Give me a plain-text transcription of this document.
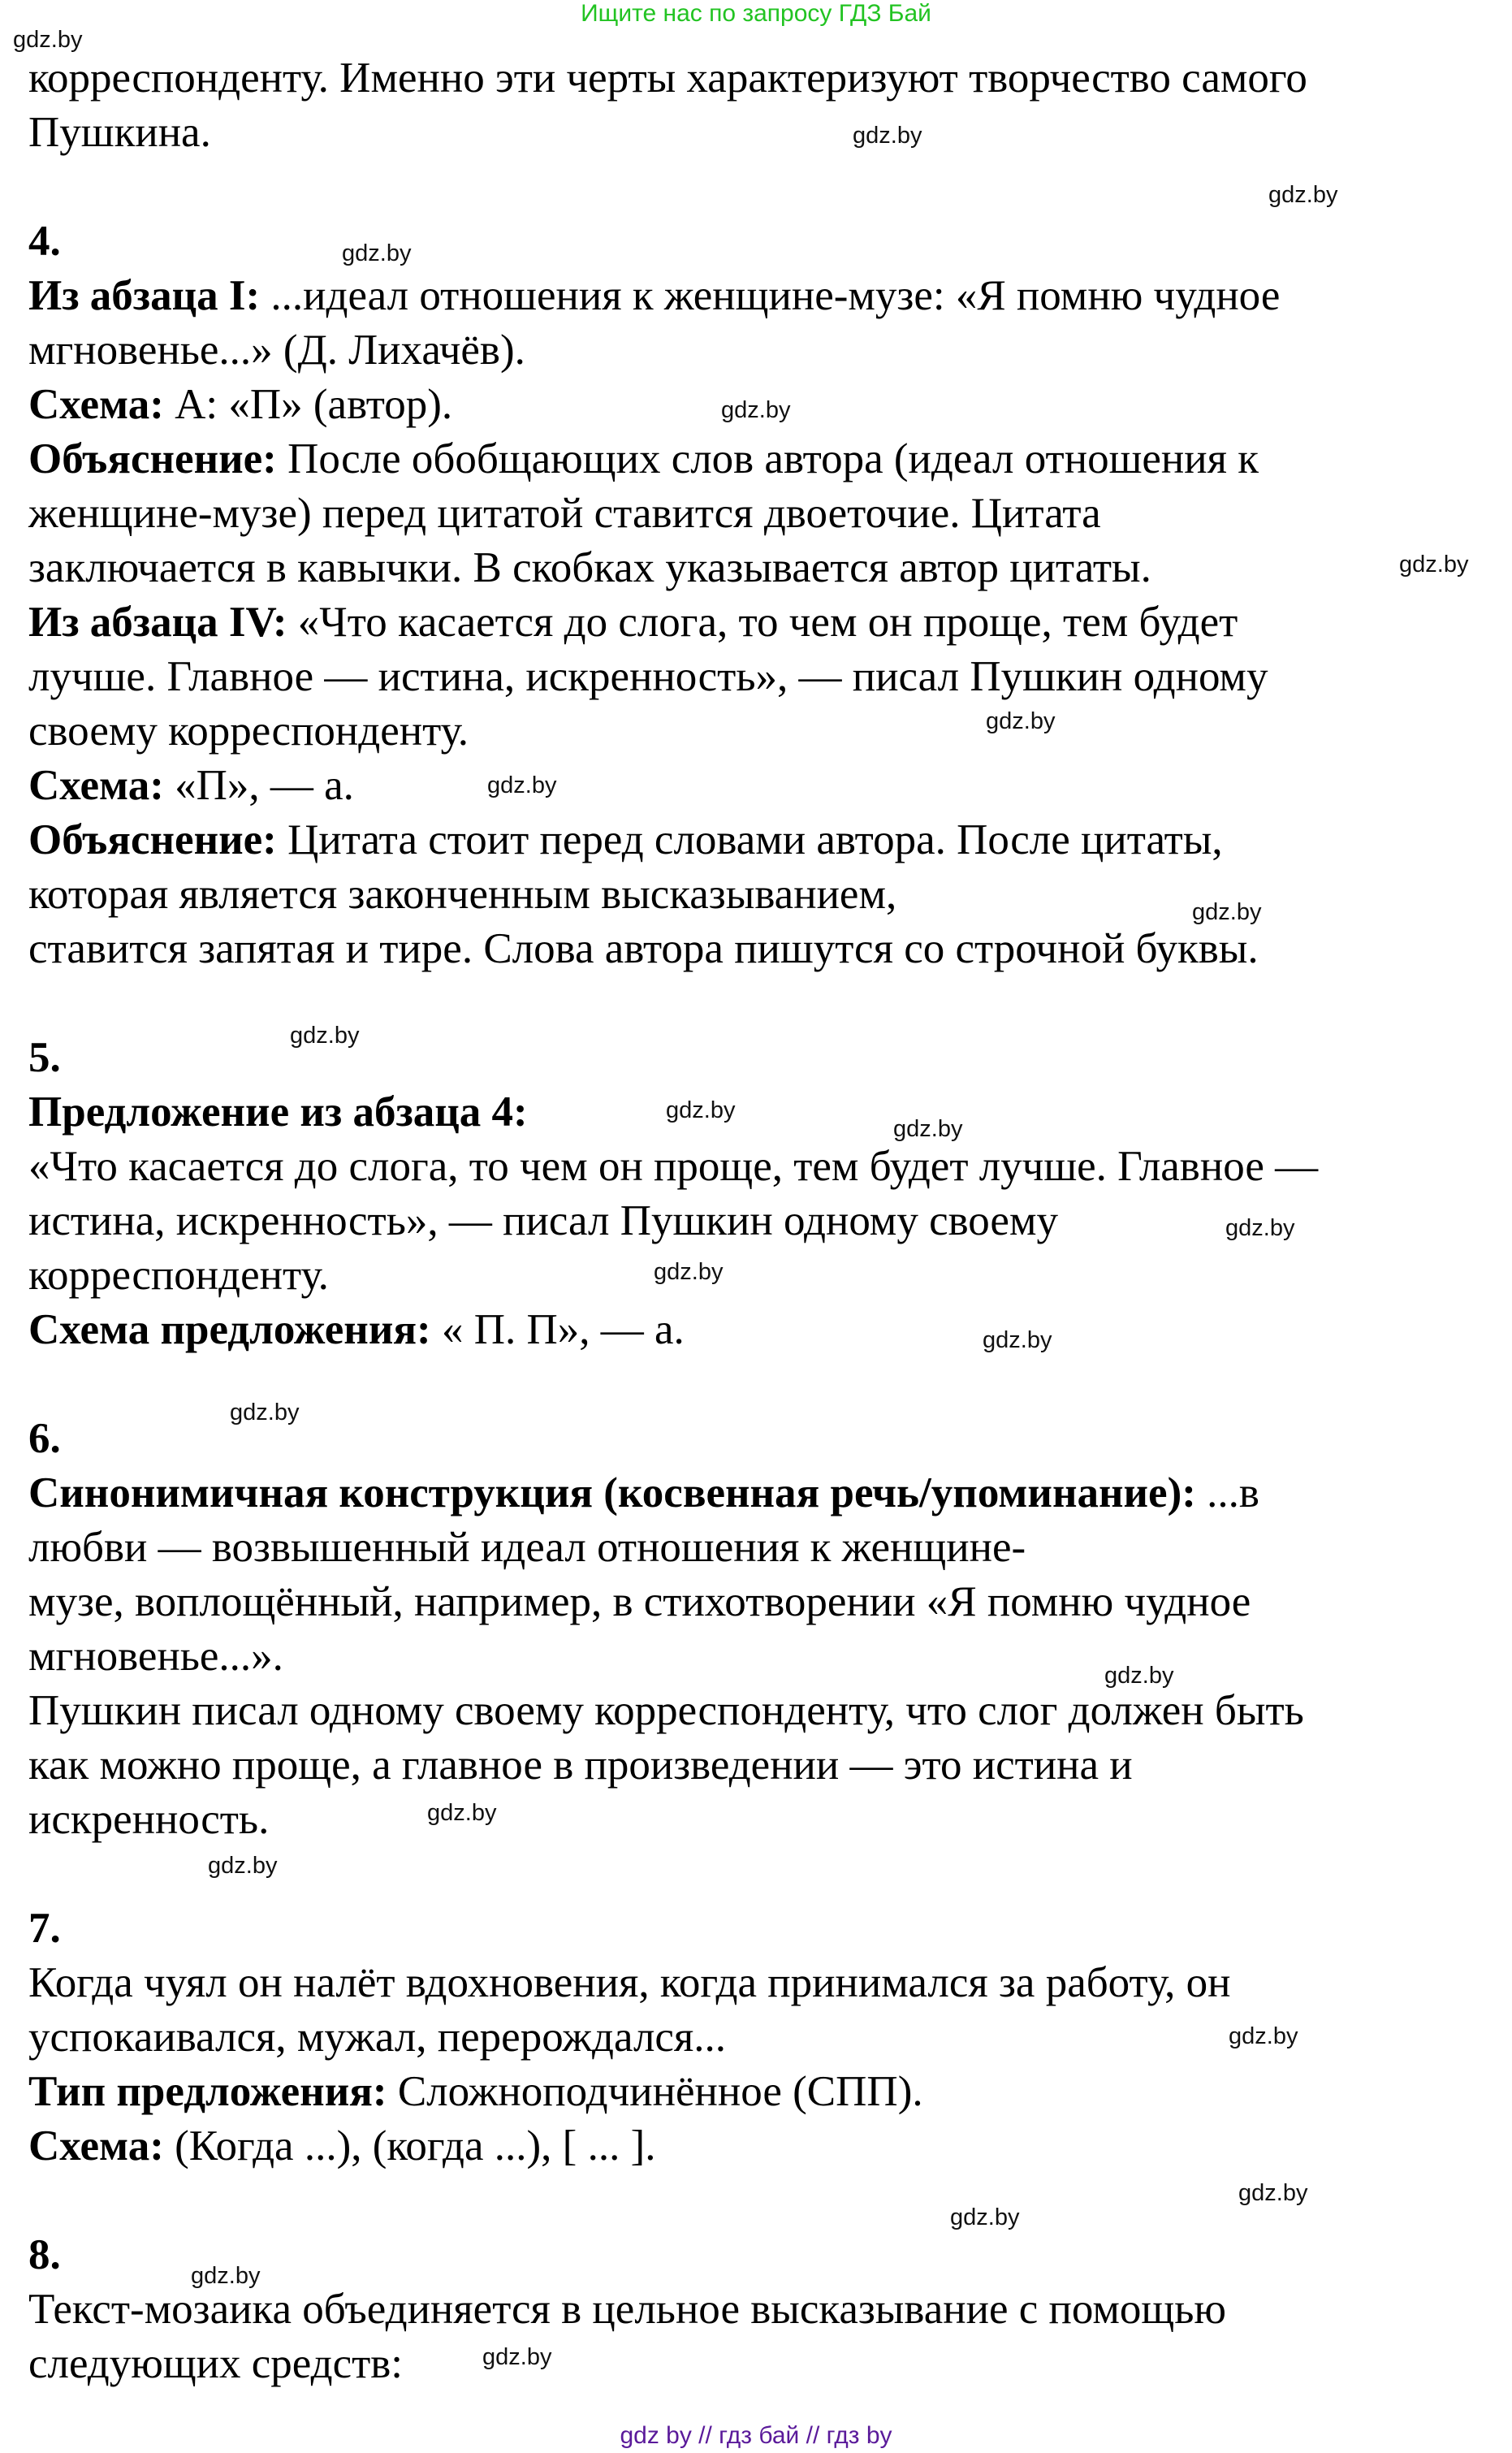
Ищите нас по запросу ГДЗ Бай
корреспонденту. Именно эти черты характеризуют творчество самого
Пушкина.
4.
Из абзаца I: ...идеал отношения к женщине-музе: «Я помню чудное
мгновенье...» (Д. Лихачёв).
Схема: А: «П» (автор).
Объяснение: После обобщающих слов автора (идеал отношения к
женщине-музе) перед цитатой ставится двоеточие. Цитата
заключается в кавычки. В скобках указывается автор цитаты.
Из абзаца IV: «Что касается до слога, то чем он проще, тем будет
лучше. Главное — истина, искренность», — писал Пушкин одному
своему корреспонденту.
Схема: «П», — а.
Объяснение: Цитата стоит перед словами автора. После цитаты,
которая является законченным высказыванием,
ставится запятая и тире. Слова автора пишутся со строчной буквы.
5.
Предложение из абзаца 4:
«Что касается до слога, то чем он проще, тем будет лучше. Главное —
истина, искренность», — писал Пушкин одному своему
корреспонденту.
Схема предложения: « П. П», — а.
6.
Синонимичная конструкция (косвенная речь/упоминание): ...в
любви — возвышенный идеал отношения к женщине-
музе, воплощённый, например, в стихотворении «Я помню чудное
мгновенье...».
Пушкин писал одному своему корреспонденту, что слог должен быть
как можно проще, а главное в произведении — это истина и
искренность.
7.
Когда чуял он налёт вдохновения, когда принимался за работу, он
успокаивался, мужал, перерождался...
Тип предложения: Сложноподчинённое (СПП).
Схема: (Когда ...), (когда ...), [ ... ].
8.
Текст-мозаика объединяется в цельное высказывание с помощью
следующих средств:
gdz.by
gdz.by
gdz.by
gdz.by
gdz.by
gdz.by
gdz.by
gdz.by
gdz.by
gdz.by
gdz.by
gdz.by
gdz.by
gdz.by
gdz.by
gdz.by
gdz.by
gdz.by
gdz.by
gdz.by
gdz.by
gdz.by
gdz.by
gdz.by
gdz by // гдз бай // гдз by
